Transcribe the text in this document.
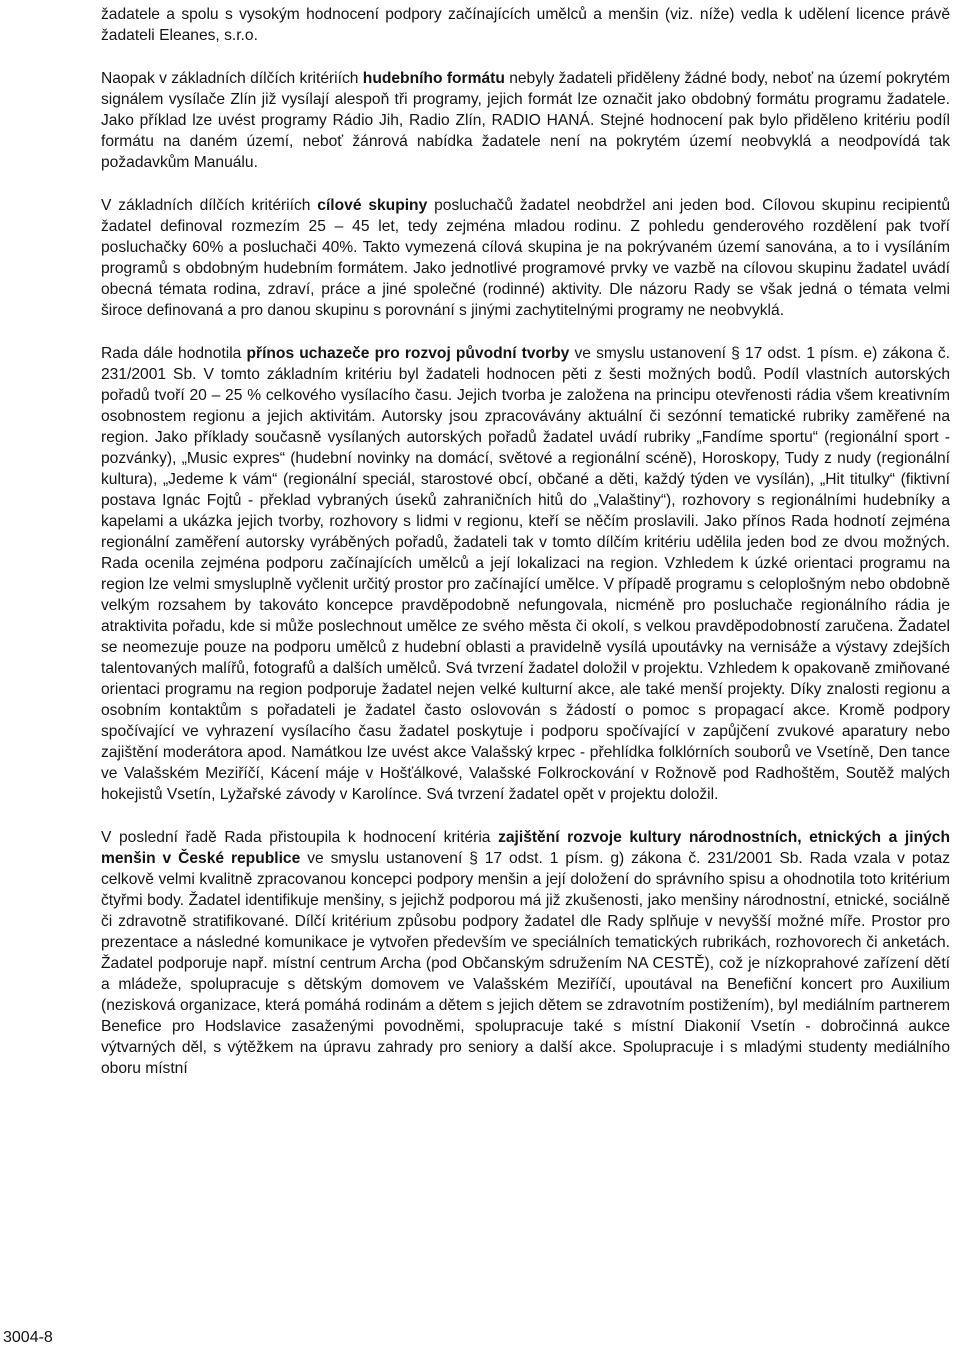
žadatele a spolu s vysokým hodnocení podpory začínajících umělců a menšin (viz. níže) vedla k udělení licence právě žadateli Eleanes, s.r.o.

Naopak v základních dílčích kritériích hudebního formátu nebyly žadateli přiděleny žádné body, neboť na území pokrytém signálem vysílače Zlín již vysílají alespoň tři programy, jejich formát lze označit jako obdobný formátu programu žadatele. Jako příklad lze uvést programy Rádio Jih, Radio Zlín, RADIO HANÁ. Stejné hodnocení pak bylo přiděleno kritériu podíl formátu na daném území, neboť žánrová nabídka žadatele není na pokrytém území neobvyklá a neodpovídá tak požadavkům Manuálu.

V základních dílčích kritériích cílové skupiny posluchačů žadatel neobdržel ani jeden bod. Cílovou skupinu recipientů žadatel definoval rozmezím 25 – 45 let, tedy zejména mladou rodinu. Z pohledu genderového rozdělení pak tvoří posluchačky 60% a posluchači 40%. Takto vymezená cílová skupina je na pokrývaném území sanována, a to i vysíláním programů s obdobným hudebním formátem. Jako jednotlivé programové prvky ve vazbě na cílovou skupinu žadatel uvádí obecná témata rodina, zdraví, práce a jiné společné (rodinné) aktivity. Dle názoru Rady se však jedná o témata velmi široce definovaná a pro danou skupinu s porovnání s jinými zachytitelnými programy ne neobvyklá.

Rada dále hodnotila přínos uchazeče pro rozvoj původní tvorby ve smyslu ustanovení § 17 odst. 1 písm. e) zákona č. 231/2001 Sb. V tomto základním kritériu byl žadateli hodnocen pěti z šesti možných bodů. Podíl vlastních autorských pořadů tvoří 20 – 25 % celkového vysílacího času. Jejich tvorba je založena na principu otevřenosti rádia všem kreativním osobnostem regionu a jejich aktivitám. Autorsky jsou zpracovávány aktuální či sezónní tematické rubriky zaměřené na region. Jako příklady současně vysílaných autorských pořadů žadatel uvádí rubriky „Fandíme sportu“ (regionální sport - pozvánky), „Music expres“ (hudební novinky na domácí, světové a regionální scéně), Horoskopy, Tudy z nudy (regionální kultura), „Jedeme k vám“ (regionální speciál, starostové obcí, občané a děti, každý týden ve vysílán), „Hit titulky“ (fiktivní postava Ignác Fojtů - překlad vybraných úseků zahraničních hitů do „Valaštiny“), rozhovory s regionálními hudebníky a kapelami a ukázka jejich tvorby, rozhovory s lidmi v regionu, kteří se něčím proslavili. Jako přínos Rada hodnotí zejména regionální zaměření autorsky vyráběných pořadů, žadateli tak v tomto dílčím kritériu udělila jeden bod ze dvou možných. Rada ocenila zejména podporu začínajících umělců a její lokalizaci na region. Vzhledem k úzké orientaci programu na region lze velmi smysluplně vyčlenit určitý prostor pro začínající umělce. V případě programu s celoplošným nebo obdobně velkým rozsahem by takováto koncepce pravděpodobně nefungovala, nicméně pro posluchače regionálního rádia je atraktivita pořadu, kde si může poslechnout umělce ze svého města či okolí, s velkou pravděpodobností zaručena. Žadatel se neomezuje pouze na podporu umělců z hudební oblasti a pravidelně vysílá upoutávky na vernisáže a výstavy zdejších talentovaných malířů, fotografů a dalších umělců. Svá tvrzení žadatel doložil v projektu. Vzhledem k opakovaně zmiňované orientaci programu na region podporuje žadatel nejen velké kulturní akce, ale také menší projekty. Díky znalosti regionu a osobním kontaktům s pořadateli je žadatel často oslovován s žádostí o pomoc s propagací akce. Kromě podpory spočívající ve vyhrazení vysílacího času žadatel poskytuje i podporu spočívající v zapůjčení zvukové aparatury nebo zajištění moderátora apod. Namátkou lze uvést akce Valašský krpec - přehlídka folklórních souborů ve Vsetíně, Den tance ve Valašském Meziříčí, Kácení máje v Hošťálkové, Valašské Folkrockování v Rožnově pod Radhoštěm, Soutěž malých hokejistů Vsetín, Lyžařské závody v Karolínce. Svá tvrzení žadatel opět v projektu doložil.

V poslední řadě Rada přistoupila k hodnocení kritéria zajištění rozvoje kultury národnostních, etnických a jiných menšin v České republice ve smyslu ustanovení § 17 odst. 1 písm. g) zákona č. 231/2001 Sb. Rada vzala v potaz celkově velmi kvalitně zpracovanou koncepci podpory menšin a její doložení do správního spisu a ohodnotila toto kritérium čtyřmi body. Žadatel identifikuje menšiny, s jejichž podporou má již zkušenosti, jako menšiny národnostní, etnické, sociálně či zdravotně stratifikované. Dílčí kritérium způsobu podpory žadatel dle Rady splňuje v nevyšší možné míře. Prostor pro prezentace a následné komunikace je vytvořen především ve speciálních tematických rubrikách, rozhovorech či anketách. Žadatel podporuje např. místní centrum Archa (pod Občanským sdružením NA CESTĚ), což je nízkoprahové zařízení dětí a mládeže, spolupracuje s dětským domovem ve Valašském Meziříčí, upoutával na Benefiční koncert pro Auxilium (nezisková organizace, která pomáhá rodinám a dětem s jejich dětem se zdravotním postižením), byl mediálním partnerem Benefice pro Hodslavice zasaženými povodněmi, spolupracuje také s místní Diakonií Vsetín - dobročinná aukce výtvarných děl, s výtěžkem na úpravu zahrady pro seniory a další akce. Spolupracuje i s mladými studenty mediálního oboru místní

3004-8
